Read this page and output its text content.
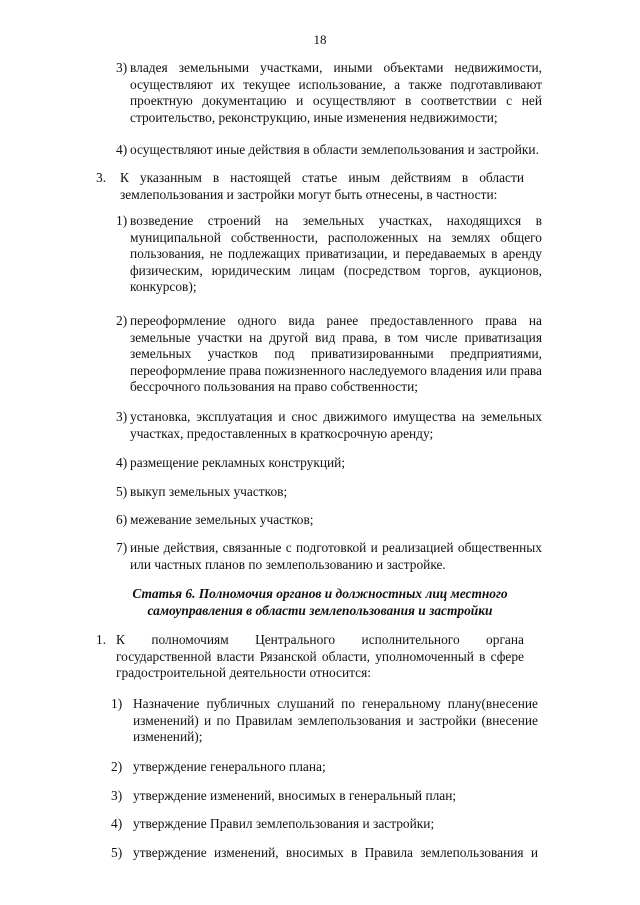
18
3) владея земельными участками, иными объектами недвижимости, осуществляют их текущее использование, а также подготавливают проектную документацию и осуществляют в соответствии с ней строительство, реконструкцию, иные изменения недвижимости;
4) осуществляют иные действия в области землепользования и застройки.
3. К указанным в настоящей статье иным действиям в области землепользования и застройки могут быть отнесены, в частности:
1) возведение строений на земельных участках, находящихся в муниципальной собственности, расположенных на землях общего пользования, не подлежащих приватизации, и передаваемых в аренду физическим, юридическим лицам (посредством торгов, аукционов, конкурсов);
2) переоформление одного вида ранее предоставленного права на земельные участки на другой вид права, в том числе приватизация земельных участков под приватизированными предприятиями, переоформление права пожизненного наследуемого владения или права бессрочного пользования на право собственности;
3) установка, эксплуатация и снос движимого имущества на земельных участках, предоставленных в краткосрочную аренду;
4) размещение рекламных конструкций;
5) выкуп земельных участков;
6) межевание земельных участков;
7) иные действия, связанные с подготовкой и реализацией общественных или частных планов по землепользованию и застройке.
Статья 6. Полномочия органов и должностных лиц местного
самоуправления в области землепользования и застройки
1. К полномочиям Центрального исполнительного органа государственной власти Рязанской области, уполномоченный в сфере градостроительной деятельности относится:
1) Назначение публичных слушаний по генеральному плану(внесение изменений) и по Правилам землепользования и застройки (внесение изменений);
2) утверждение генерального плана;
3) утверждение изменений, вносимых в генеральный план;
4) утверждение Правил землепользования и застройки;
5) утверждение изменений, вносимых в Правила землепользования и
